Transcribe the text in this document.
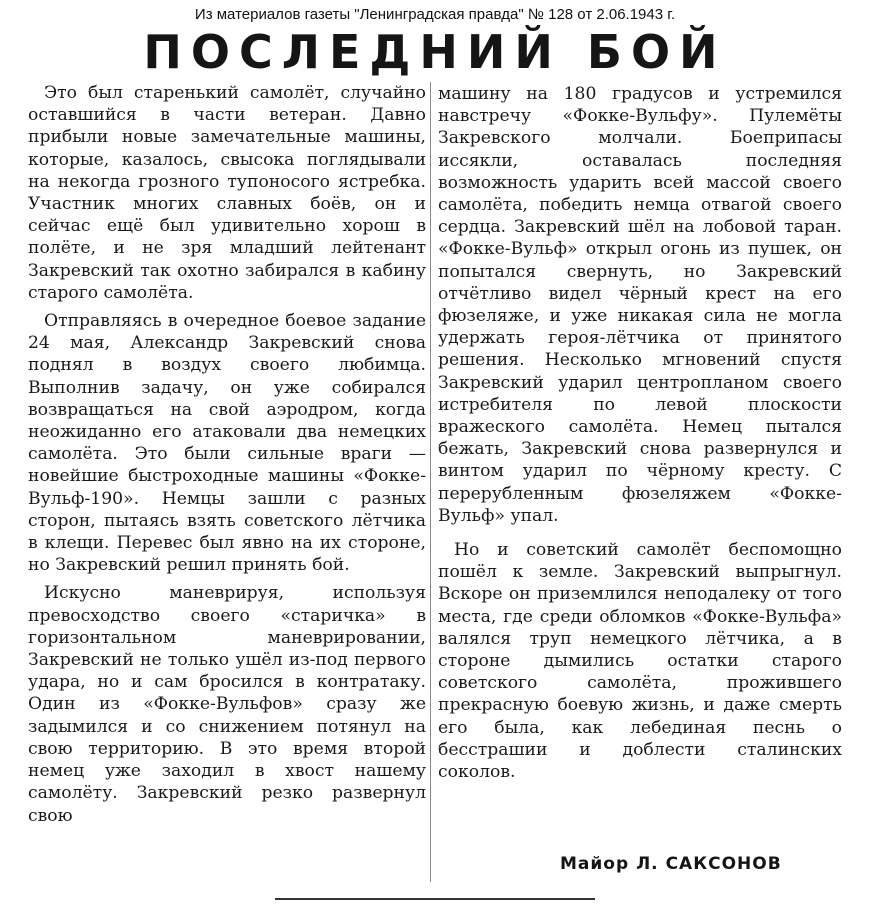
Из материалов газеты "Ленинградская правда" № 128 от 2.06.1943 г.
ПОСЛЕДНИЙ БОЙ

Это был старенький самолёт, случайно оставшийся в части ветеран. Давно прибыли новые замечательные машины, которые, казалось, свысока поглядывали на некогда грозного тупоносого ястребка. Участник многих славных боёв, он и сейчас ещё был удивительно хорош в полёте, и не зря младший лейтенант Закревский так охотно забирался в кабину старого самолёта.

Отправляясь в очередное боевое задание 24 мая, Александр Закревский снова поднял в воздух своего любимца. Выполнив задачу, он уже собирался возвращаться на свой аэродром, когда неожиданно его атаковали два немецких самолёта. Это были сильные враги — новейшие быстроходные машины «Фокке-Вульф-190». Немцы зашли с разных сторон, пытаясь взять советского лётчика в клещи. Перевес был явно на их стороне, но Закревский решил принять бой.

Искусно маневрируя, используя превосходство своего «старичка» в горизонтальном маневрировании, Закревский не только ушёл из-под первого удара, но и сам бросился в контратаку. Один из «Фокке-Вульфов» сразу же задымился и со снижением потянул на свою территорию. В это время второй немец уже заходил в хвост нашему самолёту. Закревский резко развернул свою

машину на 180 градусов и устремился навстречу «Фокке-Вульфу». Пулемёты Закревского молчали. Боеприпасы иссякли, оставалась последняя возможность ударить всей массой своего самолёта, победить немца отвагой своего сердца. Закревский шёл на лобовой таран. «Фокке-Вульф» открыл огонь из пушек, он попытался свернуть, но Закревский отчётливо видел чёрный крест на его фюзеляже, и уже никакая сила не могла удержать героя-лётчика от принятого решения. Несколько мгновений спустя Закревский ударил центропланом своего истребителя по левой плоскости вражеского самолёта. Немец пытался бежать, Закревский снова развернулся и винтом ударил по чёрному кресту. С перерубленным фюзеляжем «Фокке-Вульф» упал.

Но и советский самолёт беспомощно пошёл к земле. Закревский выпрыгнул. Вскоре он приземлился неподалеку от того места, где среди обломков «Фокке-Вульфа» валялся труп немецкого лётчика, а в стороне дымились остатки старого советского самолёта, прожившего прекрасную боевую жизнь, и даже смерть его была, как лебединая песнь о бесстрашии и доблести сталинских соколов.

Майор Л. САКСОНОВ
